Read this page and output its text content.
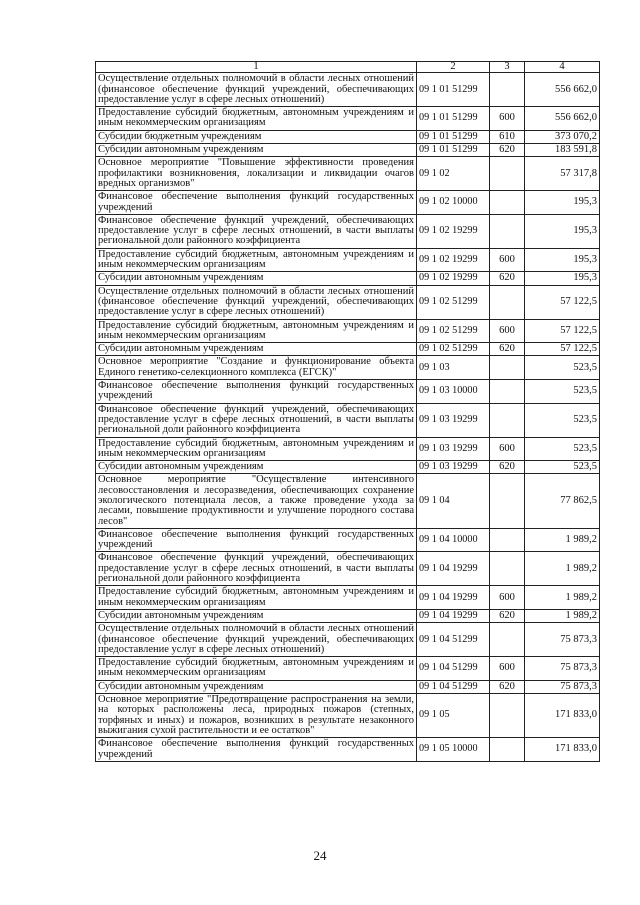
1	2	3	4
Осуществление отдельных полномочий в области лесных отношений (финансовое обеспечение функций учреждений, обеспечивающих предоставление услуг в сфере лесных отношений)	09 1 01 51299		556 662,0
Предоставление субсидий бюджетным, автономным учреждениям и иным некоммерческим организациям	09 1 01 51299	600	556 662,0
Субсидии бюджетным учреждениям	09 1 01 51299	610	373 070,2
Субсидии автономным учреждениям	09 1 01 51299	620	183 591,8
Основное мероприятие "Повышение эффективности проведения профилактики возникновения, локализации и ликвидации очагов вредных организмов"	09 1 02		57 317,8
Финансовое обеспечение выполнения функций государственных учреждений	09 1 02 10000		195,3
Финансовое обеспечение функций учреждений, обеспечивающих предоставление услуг в сфере лесных отношений, в части выплаты региональной доли районного коэффициента	09 1 02 19299		195,3
Предоставление субсидий бюджетным, автономным учреждениям и иным некоммерческим организациям	09 1 02 19299	600	195,3
Субсидии автономным учреждениям	09 1 02 19299	620	195,3
Осуществление отдельных полномочий в области лесных отношений (финансовое обеспечение функций учреждений, обеспечивающих предоставление услуг в сфере лесных отношений)	09 1 02 51299		57 122,5
Предоставление субсидий бюджетным, автономным учреждениям и иным некоммерческим организациям	09 1 02 51299	600	57 122,5
Субсидии автономным учреждениям	09 1 02 51299	620	57 122,5
Основное мероприятие "Создание и функционирование объекта Единого генетико-селекционного комплекса (ЕГСК)"	09 1 03		523,5
Финансовое обеспечение выполнения функций государственных учреждений	09 1 03 10000		523,5
Финансовое обеспечение функций учреждений, обеспечивающих предоставление услуг в сфере лесных отношений, в части выплаты региональной доли районного коэффициента	09 1 03 19299		523,5
Предоставление субсидий бюджетным, автономным учреждениям и иным некоммерческим организациям	09 1 03 19299	600	523,5
Субсидии автономным учреждениям	09 1 03 19299	620	523,5
Основное мероприятие "Осуществление интенсивного лесовосстановления и лесоразведения, обеспечивающих сохранение экологического потенциала лесов, а также проведение ухода за лесами, повышение продуктивности и улучшение породного состава лесов"	09 1 04		77 862,5
Финансовое обеспечение выполнения функций государственных учреждений	09 1 04 10000		1 989,2
Финансовое обеспечение функций учреждений, обеспечивающих предоставление услуг в сфере лесных отношений, в части выплаты региональной доли районного коэффициента	09 1 04 19299		1 989,2
Предоставление субсидий бюджетным, автономным учреждениям и иным некоммерческим организациям	09 1 04 19299	600	1 989,2
Субсидии автономным учреждениям	09 1 04 19299	620	1 989,2
Осуществление отдельных полномочий в области лесных отношений (финансовое обеспечение функций учреждений, обеспечивающих предоставление услуг в сфере лесных отношений)	09 1 04 51299		75 873,3
Предоставление субсидий бюджетным, автономным учреждениям и иным некоммерческим организациям	09 1 04 51299	600	75 873,3
Субсидии автономным учреждениям	09 1 04 51299	620	75 873,3
Основное мероприятие "Предотвращение распространения на земли, на которых расположены леса, природных пожаров (степных, торфяных и иных) и пожаров, возникших в результате незаконного выжигания сухой растительности и ее остатков"	09 1 05		171 833,0
Финансовое обеспечение выполнения функций государственных учреждений	09 1 05 10000		171 833,0
24
